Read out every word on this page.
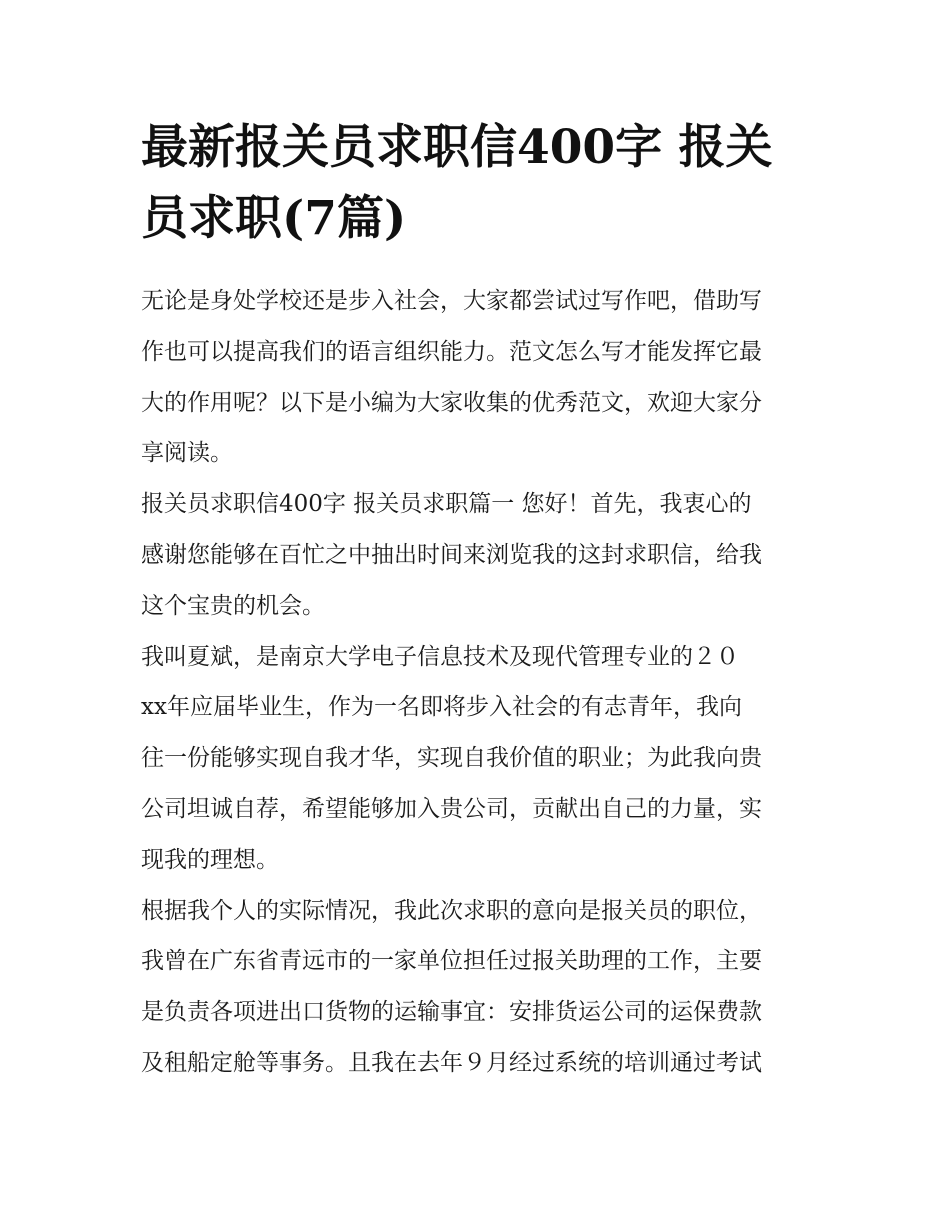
最新报关员求职信400字 报关
员求职(7篇)
无论是身处学校还是步入社会，大家都尝试过写作吧，借助写
作也可以提高我们的语言组织能力。范文怎么写才能发挥它最
大的作用呢？以下是小编为大家收集的优秀范文，欢迎大家分
享阅读。
报关员求职信400字 报关员求职篇一 您好！首先，我衷心的
感谢您能够在百忙之中抽出时间来浏览我的这封求职信，给我
这个宝贵的机会。
我叫夏斌，是南京大学电子信息技术及现代管理专业的２０
xx年应届毕业生，作为一名即将步入社会的有志青年，我向
往一份能够实现自我才华，实现自我价值的职业；为此我向贵
公司坦诚自荐，希望能够加入贵公司，贡献出自己的力量，实
现我的理想。
根据我个人的实际情况，我此次求职的意向是报关员的职位，
我曾在广东省青远市的一家单位担任过报关助理的工作，主要
是负责各项进出口货物的运输事宜：安排货运公司的运保费款
及租船定舱等事务。且我在去年９月经过系统的培训通过考试
